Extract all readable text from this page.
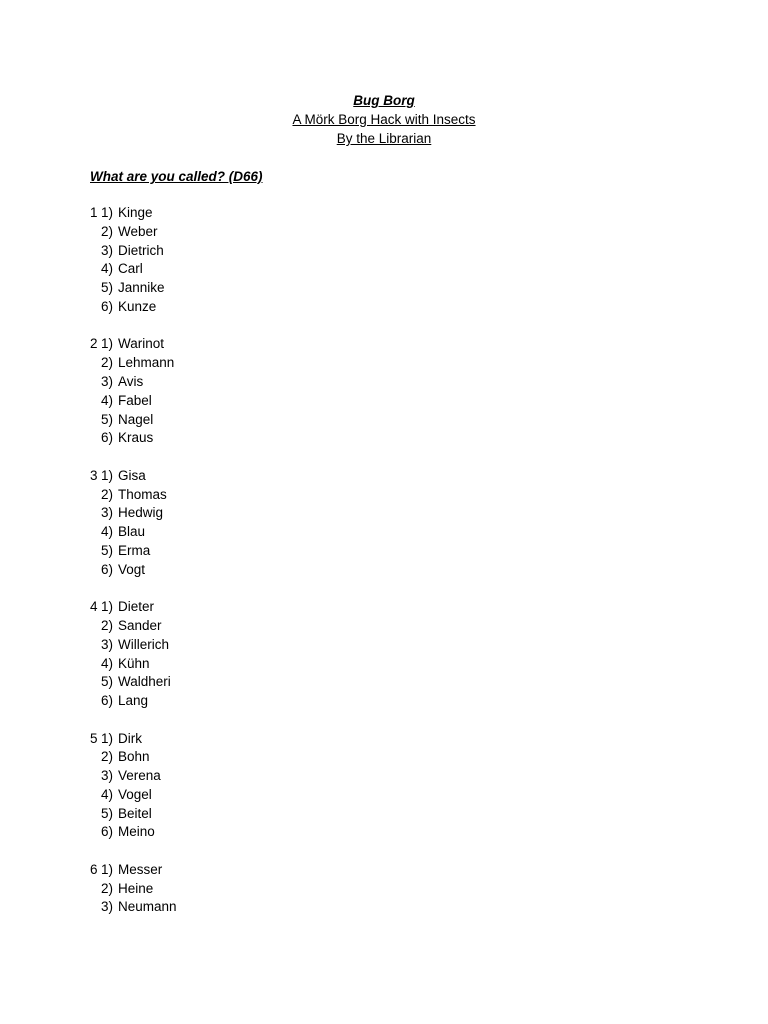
Bug Borg
A Mörk Borg Hack with Insects
By the Librarian
What are you called? (D66)
1 1) Kinge
2) Weber
3) Dietrich
4) Carl
5) Jannike
6) Kunze
2 1) Warinot
2) Lehmann
3) Avis
4) Fabel
5) Nagel
6) Kraus
3 1) Gisa
2) Thomas
3) Hedwig
4) Blau
5) Erma
6) Vogt
4 1) Dieter
2) Sander
3) Willerich
4) Kühn
5) Waldheri
6) Lang
5 1) Dirk
2) Bohn
3) Verena
4) Vogel
5) Beitel
6) Meino
6 1) Messer
2) Heine
3) Neumann
